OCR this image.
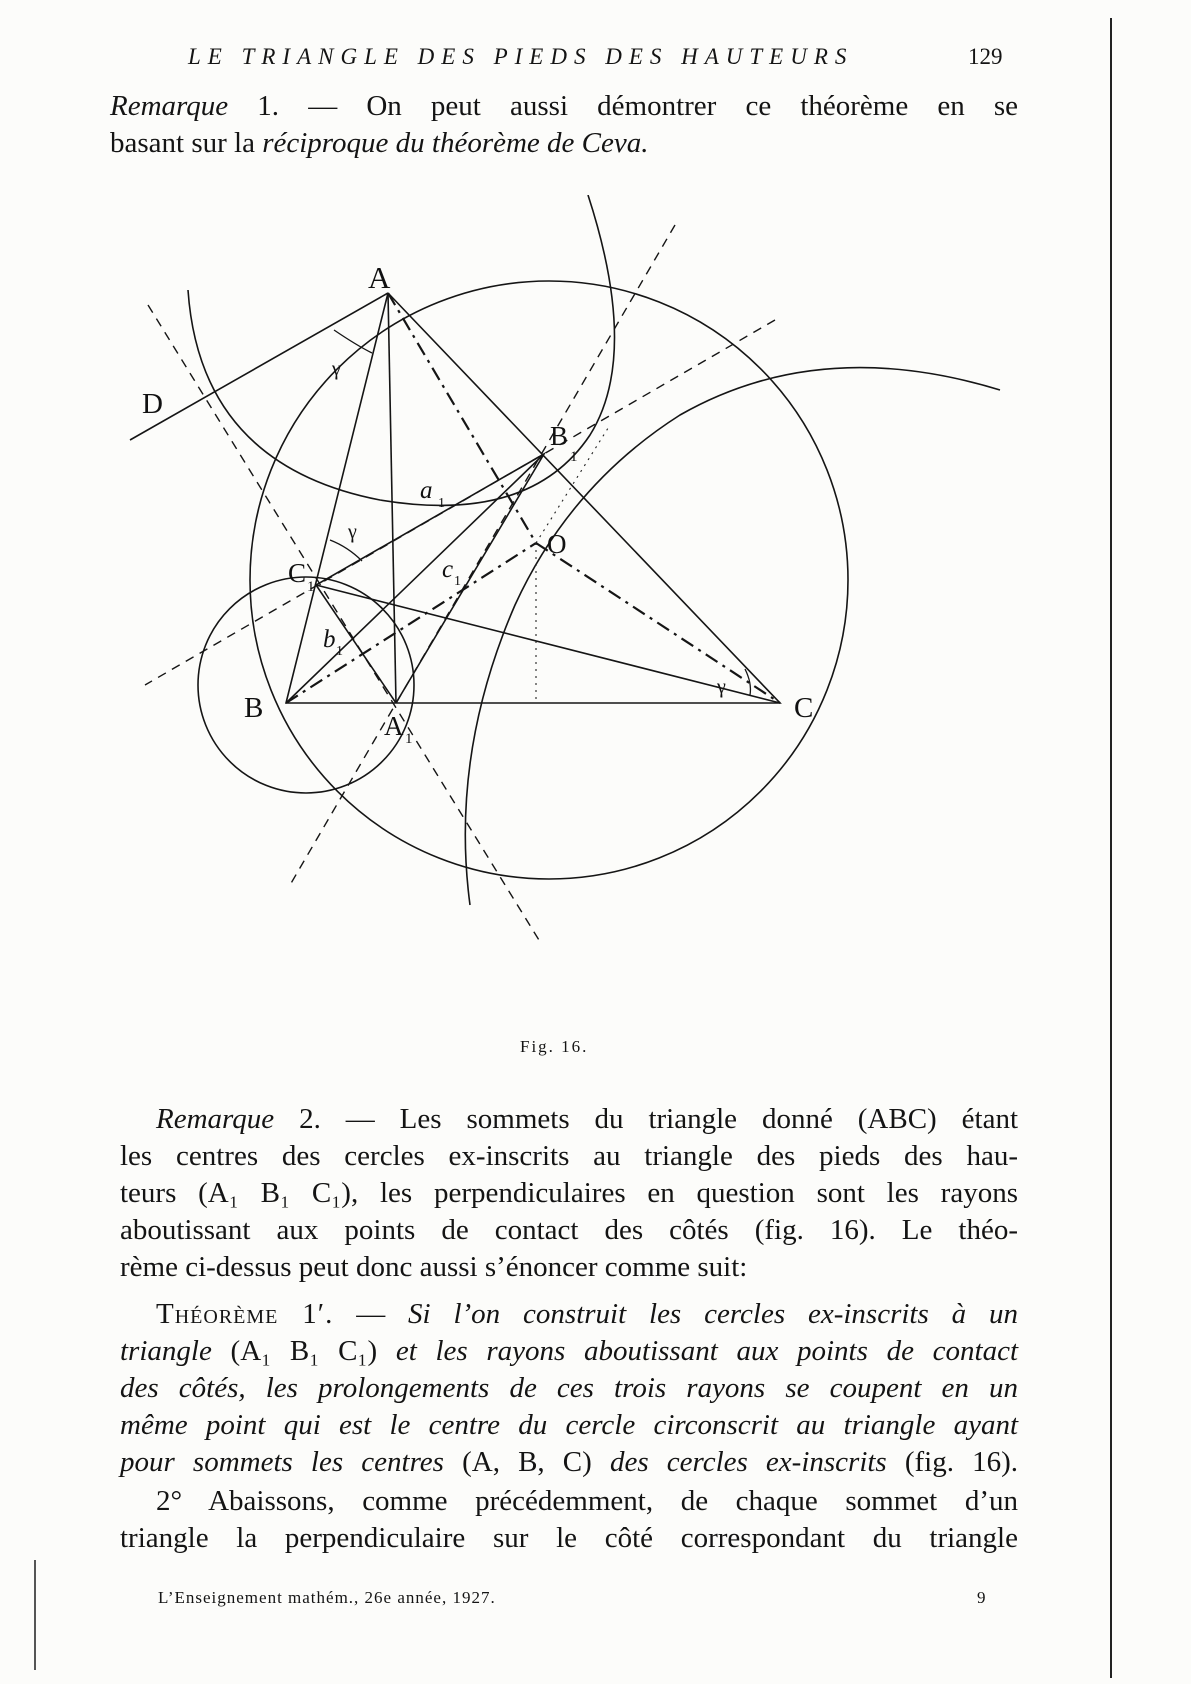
LE TRIANGLE DES PIEDS DES HAUTEURS	129

Remarque 1. — On peut aussi démontrer ce théorème en se

basant sur la réciproque du théorème de Ceva.

A
D
B	C
O
A 1
B
1
C 1
a 1
b 1
c 1
γ
γ
γ
Fig. 16.

Remarque 2. — Les sommets du triangle donné (ABC) étant

les centres des cercles ex-inscrits au triangle des pieds des hau-

teurs (A₁ B₁ C₁), les perpendiculaires en question sont les rayons

aboutissant aux points de contact des côtés (fig. 16). Le théo-

rème ci-dessus peut donc aussi s’énoncer comme suit:

Théorème 1′. — Si l’on construit les cercles ex-inscrits à un

triangle (A₁ B₁ C₁) et les rayons aboutissant aux points de contact

des côtés, les prolongements de ces trois rayons se coupent en un

même point qui est le centre du cercle circonscrit au triangle ayant

pour sommets les centres (A, B, C) des cercles ex-inscrits (fig. 16).

2° Abaissons, comme précédemment, de chaque sommet d’un

triangle la perpendiculaire sur le côté correspondant du triangle

L’Enseignement mathém., 26e année, 1927.	9
